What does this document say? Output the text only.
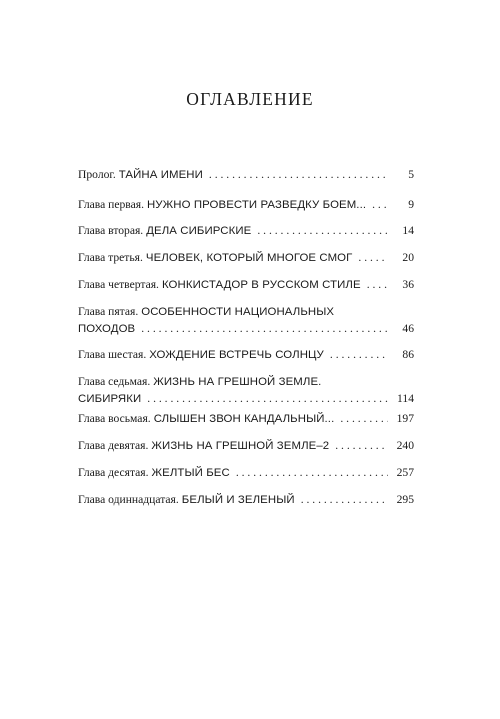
ОГЛАВЛЕНИЕ
Пролог. ТАЙНА ИМЕНИ . . .	5
Глава первая. НУЖНО ПРОВЕСТИ РАЗВЕДКУ БОЕМ... . . .	9
Глава вторая. ДЕЛА СИБИРСКИЕ . . .	14
Глава третья. ЧЕЛОВЕК, КОТОРЫЙ МНОГОЕ СМОГ . . .	20
Глава четвертая. КОНКИСТАДОР В РУССКОМ СТИЛЕ . . .	36
Глава пятая. ОСОБЕННОСТИ НАЦИОНАЛЬНЫХ
ПОХОДОВ . . .	46
Глава шестая. ХОЖДЕНИЕ ВСТРЕЧЬ СОЛНЦУ . . .	86
Глава седьмая. ЖИЗНЬ НА ГРЕШНОЙ ЗЕМЛЕ.
СИБИРЯКИ . . .	114
Глава восьмая. СЛЫШЕН ЗВОН КАНДАЛЬНЫЙ... . . .	197
Глава девятая. ЖИЗНЬ НА ГРЕШНОЙ ЗЕМЛЕ–2 . . .	240
Глава десятая. ЖЕЛТЫЙ БЕС . . .	257
Глава одиннадцатая. БЕЛЫЙ И ЗЕЛЕНЫЙ . . .	295
